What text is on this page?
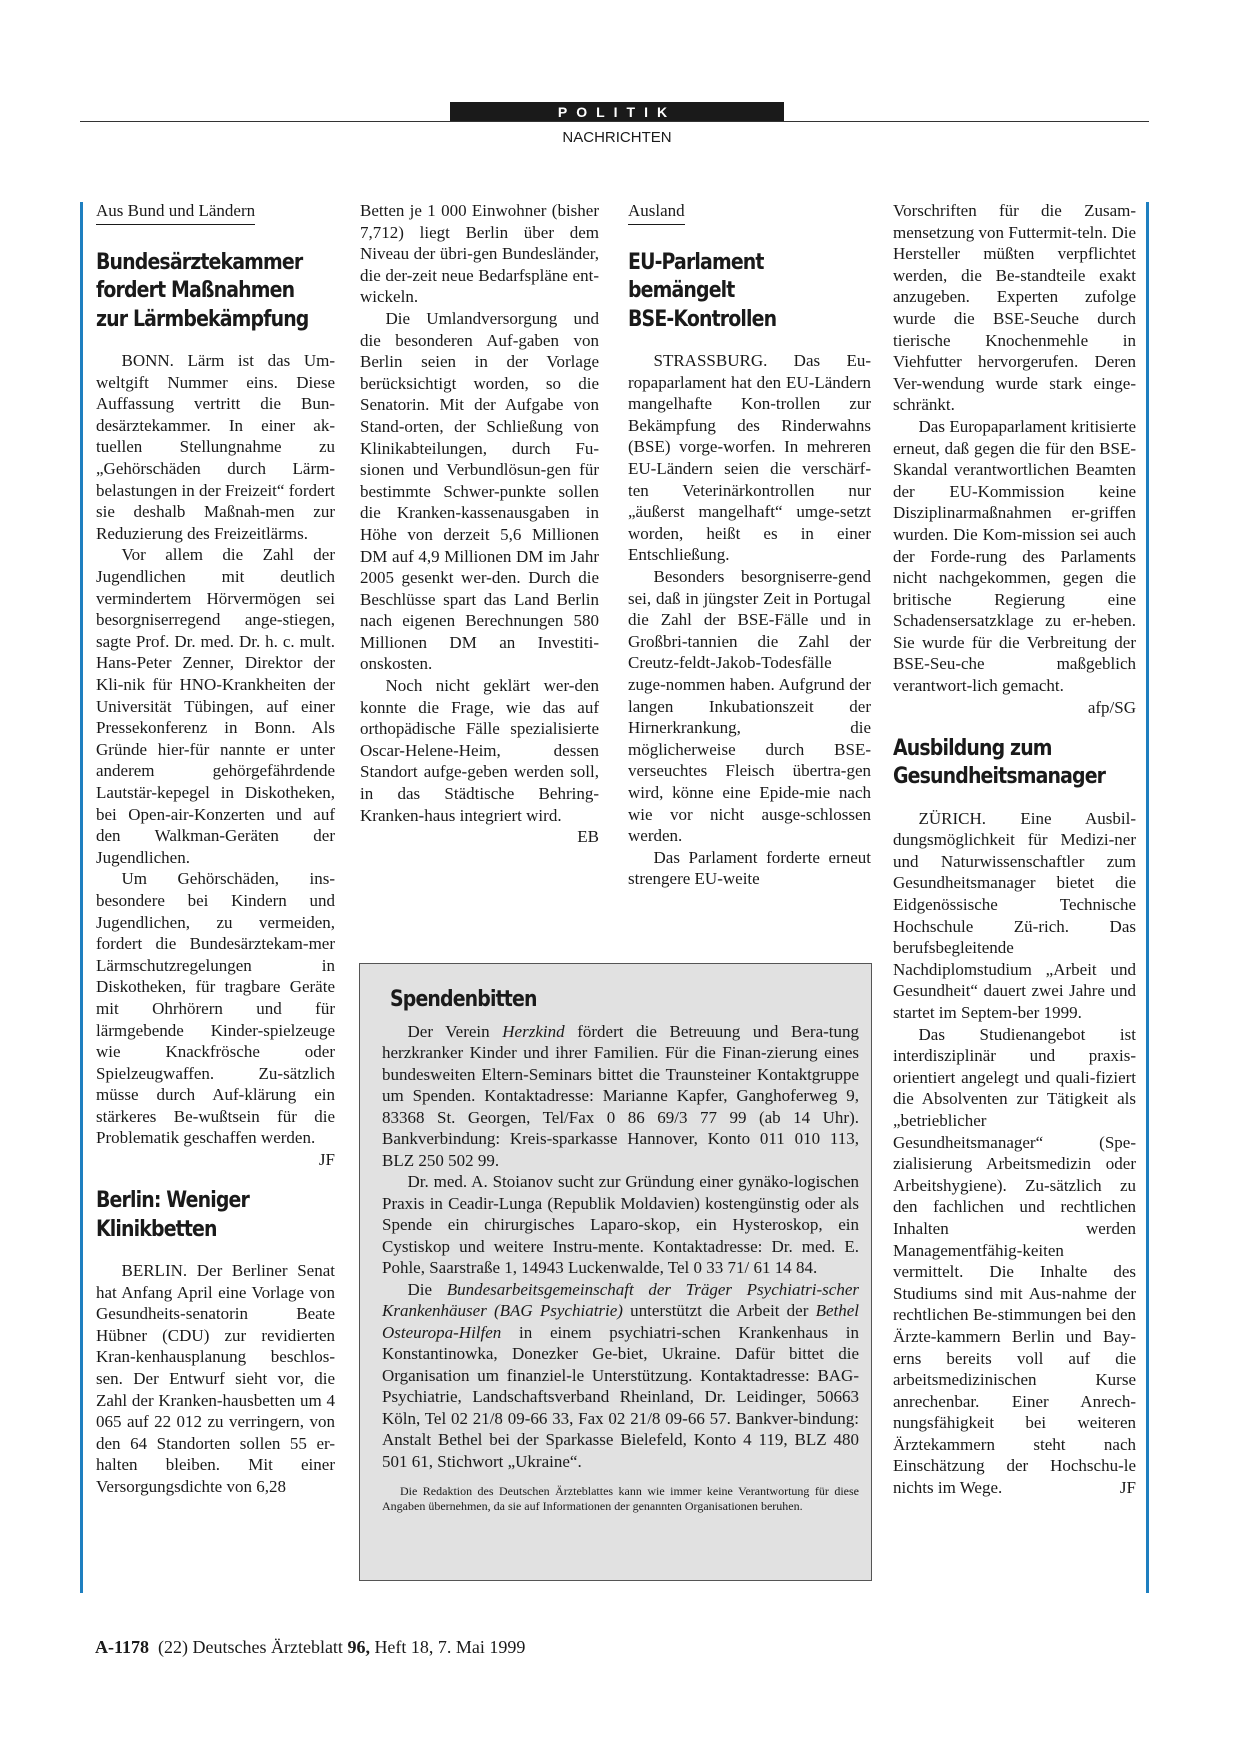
POLITIK
NACHRICHTEN
Aus Bund und Ländern
Bundesärztekammer
fordert Maßnahmen
zur Lärmbekämpfung

BONN. Lärm ist das Um-weltgift Nummer eins. Diese Auffassung vertritt die Bun-desärztekammer. In einer ak-tuellen Stellungnahme zu „Gehörschäden durch Lärm-belastungen in der Freizeit“ fordert sie deshalb Maßnah-men zur Reduzierung des Freizeitlärms.

Vor allem die Zahl der Jugendlichen mit deutlich vermindertem Hörvermögen sei besorgniserregend ange-stiegen, sagte Prof. Dr. med. Dr. h. c. mult. Hans-Peter Zenner, Direktor der Kli-nik für HNO-Krankheiten der Universität Tübingen, auf einer Pressekonferenz in Bonn. Als Gründe hier-für nannte er unter anderem gehörgefährdende Lautstär-kepegel in Diskotheken, bei Open-air-Konzerten und auf den Walkman-Geräten der Jugendlichen.

Um Gehörschäden, ins-besondere bei Kindern und Jugendlichen, zu vermeiden, fordert die Bundesärztekam-mer Lärmschutzregelungen in Diskotheken, für tragbare Geräte mit Ohrhörern und für lärmgebende Kinder-spielzeuge wie Knackfrösche oder Spielzeugwaffen. Zu-sätzlich müsse durch Auf-klärung ein stärkeres Be-wußtsein für die Problematik geschaffen werden.
JF

Berlin: Weniger
Klinikbetten

BERLIN. Der Berliner Senat hat Anfang April eine Vorlage von Gesundheits-senatorin Beate Hübner (CDU) zur revidierten Kran-kenhausplanung beschlos-sen. Der Entwurf sieht vor, die Zahl der Kranken-hausbetten um 4 065 auf 22 012 zu verringern, von den 64 Standorten sollen 55 er-halten bleiben. Mit einer Versorgungsdichte von 6,28

Betten je 1 000 Einwohner (bisher 7,712) liegt Berlin über dem Niveau der übri-gen Bundesländer, die der-zeit neue Bedarfspläne ent-wickeln.

Die Umlandversorgung und die besonderen Auf-gaben von Berlin seien in der Vorlage berücksichtigt worden, so die Senatorin. Mit der Aufgabe von Stand-orten, der Schließung von Klinikabteilungen, durch Fu-sionen und Verbundlösun-gen für bestimmte Schwer-punkte sollen die Kranken-kassenausgaben in Höhe von derzeit 5,6 Millionen DM auf 4,9 Millionen DM im Jahr 2005 gesenkt wer-den. Durch die Beschlüsse spart das Land Berlin nach eigenen Berechnungen 580 Millionen DM an Investiti-onskosten.

Noch nicht geklärt wer-den konnte die Frage, wie das auf orthopädische Fälle spezialisierte Oscar-Helene-Heim, dessen Standort aufge-geben werden soll, in das Städtische Behring-Kranken-haus integriert wird.
EB

Ausland
EU-Parlament
bemängelt
BSE-Kontrollen

STRASSBURG. Das Eu-ropaparlament hat den EU-Ländern mangelhafte Kon-trollen zur Bekämpfung des Rinderwahns (BSE) vorge-worfen. In mehreren EU-Ländern seien die verschärf-ten Veterinärkontrollen nur „äußerst mangelhaft“ umge-setzt worden, heißt es in einer Entschließung.

Besonders besorgniserre-gend sei, daß in jüngster Zeit in Portugal die Zahl der BSE-Fälle und in Großbri-tannien die Zahl der Creutz-feldt-Jakob-Todesfälle zuge-nommen haben. Aufgrund der langen Inkubationszeit der Hirnerkrankung, die möglicherweise durch BSE-verseuchtes Fleisch übertra-gen wird, könne eine Epide-mie nach wie vor nicht ausge-schlossen werden.

Das Parlament forderte erneut strengere EU-weite

Vorschriften für die Zusam-mensetzung von Futtermit-teln. Die Hersteller müßten verpflichtet werden, die Be-standteile exakt anzugeben. Experten zufolge wurde die BSE-Seuche durch tierische Knochenmehle in Viehfutter hervorgerufen. Deren Ver-wendung wurde stark einge-schränkt.

Das Europaparlament kritisierte erneut, daß gegen die für den BSE-Skandal verantwortlichen Beamten der EU-Kommission keine Disziplinarmaßnahmen er-griffen wurden. Die Kom-mission sei auch der Forde-rung des Parlaments nicht nachgekommen, gegen die britische Regierung eine Schadensersatzklage zu er-heben. Sie wurde für die Verbreitung der BSE-Seu-che maßgeblich verantwort-lich gemacht.
afp/SG

Ausbildung zum
Gesundheitsmanager

ZÜRICH. Eine Ausbil-dungsmöglichkeit für Medizi-ner und Naturwissenschaftler zum Gesundheitsmanager bietet die Eidgenössische Technische Hochschule Zü-rich. Das berufsbegleitende Nachdiplomstudium „Arbeit und Gesundheit“ dauert zwei Jahre und startet im Septem-ber 1999.

Das Studienangebot ist interdisziplinär und praxis-orientiert angelegt und quali-fiziert die Absolventen zur Tätigkeit als „betrieblicher Gesundheitsmanager“ (Spe-zialisierung Arbeitsmedizin oder Arbeitshygiene). Zu-sätzlich zu den fachlichen und rechtlichen Inhalten werden Managementfähig-keiten vermittelt. Die Inhalte des Studiums sind mit Aus-nahme der rechtlichen Be-stimmungen bei den Ärzte-kammern Berlin und Bay-erns bereits voll auf die arbeitsmedizinischen Kurse anrechenbar. Einer Anrech-nungsfähigkeit bei weiteren Ärztekammern steht nach Einschätzung der Hochschu-le nichts im Wege.	JF

Spendenbitten

Der Verein Herzkind fördert die Betreuung und Bera-tung herzkranker Kinder und ihrer Familien. Für die Finan-zierung eines bundesweiten Eltern-Seminars bittet die Traunsteiner Kontaktgruppe um Spenden. Kontaktadresse: Marianne Kapfer, Ganghoferweg 9, 83368 St. Georgen, Tel/Fax 0 86 69/3 77 99 (ab 14 Uhr). Bankverbindung: Kreis-sparkasse Hannover, Konto 011 010 113, BLZ 250 502 99.

Dr. med. A. Stoianov sucht zur Gründung einer gynäko-logischen Praxis in Ceadir-Lunga (Republik Moldavien) kostengünstig oder als Spende ein chirurgisches Laparo-skop, ein Hysteroskop, ein Cystiskop und weitere Instru-mente. Kontaktadresse: Dr. med. E. Pohle, Saarstraße 1, 14943 Luckenwalde, Tel 0 33 71/ 61 14 84.

Die Bundesarbeitsgemeinschaft der Träger Psychiatri-scher Krankenhäuser (BAG Psychiatrie) unterstützt die Arbeit der Bethel Osteuropa-Hilfen in einem psychiatri-schen Krankenhaus in Konstantinowka, Donezker Ge-biet, Ukraine. Dafür bittet die Organisation um finanziel-le Unterstützung. Kontaktadresse: BAG-Psychiatrie, Landschaftsverband Rheinland, Dr. Leidinger, 50663 Köln, Tel 02 21/8 09-66 33, Fax 02 21/8 09-66 57. Bankver-bindung: Anstalt Bethel bei der Sparkasse Bielefeld, Konto 4 119, BLZ 480 501 61, Stichwort „Ukraine“.

Die Redaktion des Deutschen Ärzteblattes kann wie immer keine Verantwortung für diese Angaben übernehmen, da sie auf Informationen der genannten Organisationen beruhen.

A-1178 (22) Deutsches Ärzteblatt 96, Heft 18, 7. Mai 1999
